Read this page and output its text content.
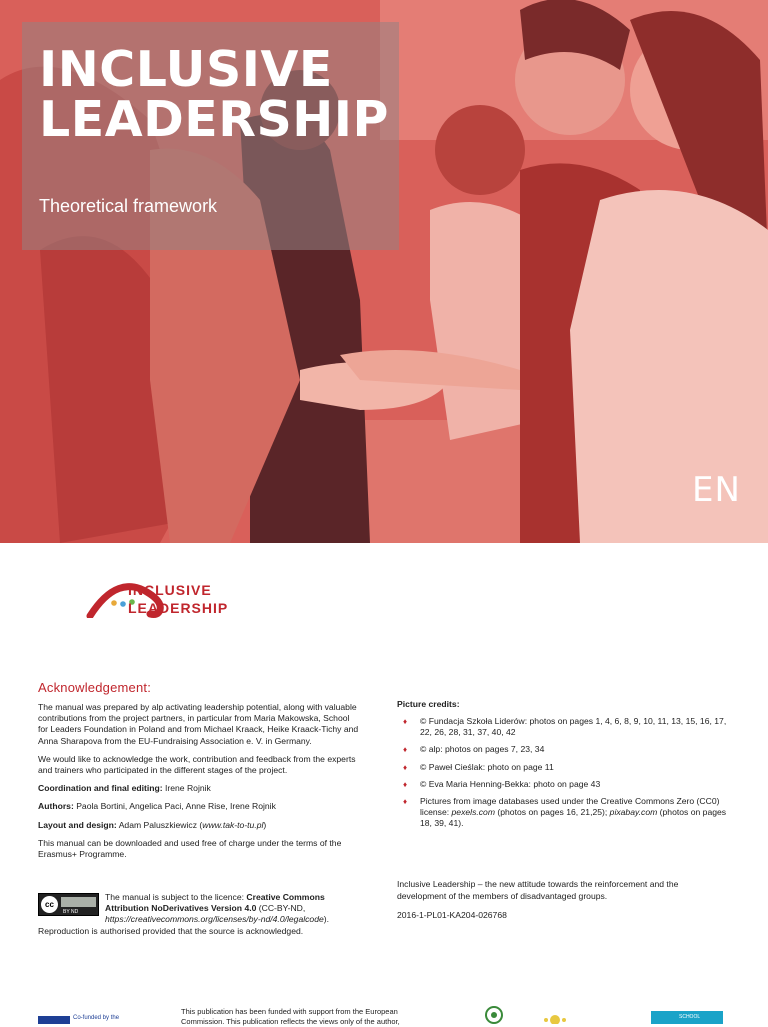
INCLUSIVE
LEADERSHIP
Theoretical framework
EN
INCLUSIVE
LEADERSHIP
Acknowledgement:

The manual was prepared by alp activating leadership potential, along with valuable contributions from the project partners, in particular from Maria Makowska, School for Leaders Foundation in Poland and from Michael Kraack, Heike Kraack-Tichy and Anna Sharapova from the EU-Fundraising Association e. V. in Germany.

We would like to acknowledge the work, contribution and feedback from the experts and trainers who participated in the different stages of the project.

Coordination and final editing: Irene Rojnik

Authors: Paola Bortini, Angelica Paci, Anne Rise, Irene Rojnik

Layout and design: Adam Paluszkiewicz (www.tak-to-tu.pl)

This manual can be downloaded and used free of charge under the terms of the Erasmus+ Programme.

cc
BY ND
The manual is subject to the licence: Creative Commons Attribution NoDerivatives Version 4.0 (CC-BY-ND, https://creativecommons.org/licenses/by-nd/4.0/legalcode). Reproduction is authorised provided that the source is acknowledged.
Picture credits:
♦ © Fundacja Szkoła Liderów: photos on pages 1, 4, 6, 8, 9, 10, 11, 13, 15, 16, 17, 22, 26, 28, 31, 37, 40, 42
♦ © alp: photos on pages 7, 23, 34
♦ © Paweł Cieślak: photo on page 11
♦ © Eva Maria Henning-Bekka: photo on page 43
♦ Pictures from image databases used under the Creative Commons Zero (CC0) license: pexels.com (photos on pages 16, 21,25); pixabay.com (photos on pages 18, 39, 41).

Inclusive Leadership – the new attitude towards the reinforcement and the development of the members of disadvantaged groups.

2016-1-PL01-KA204-026768

Co-funded by the
This publication has been funded with support from the European Commission. This publication reflects the views only of the author,	SCHOOL
